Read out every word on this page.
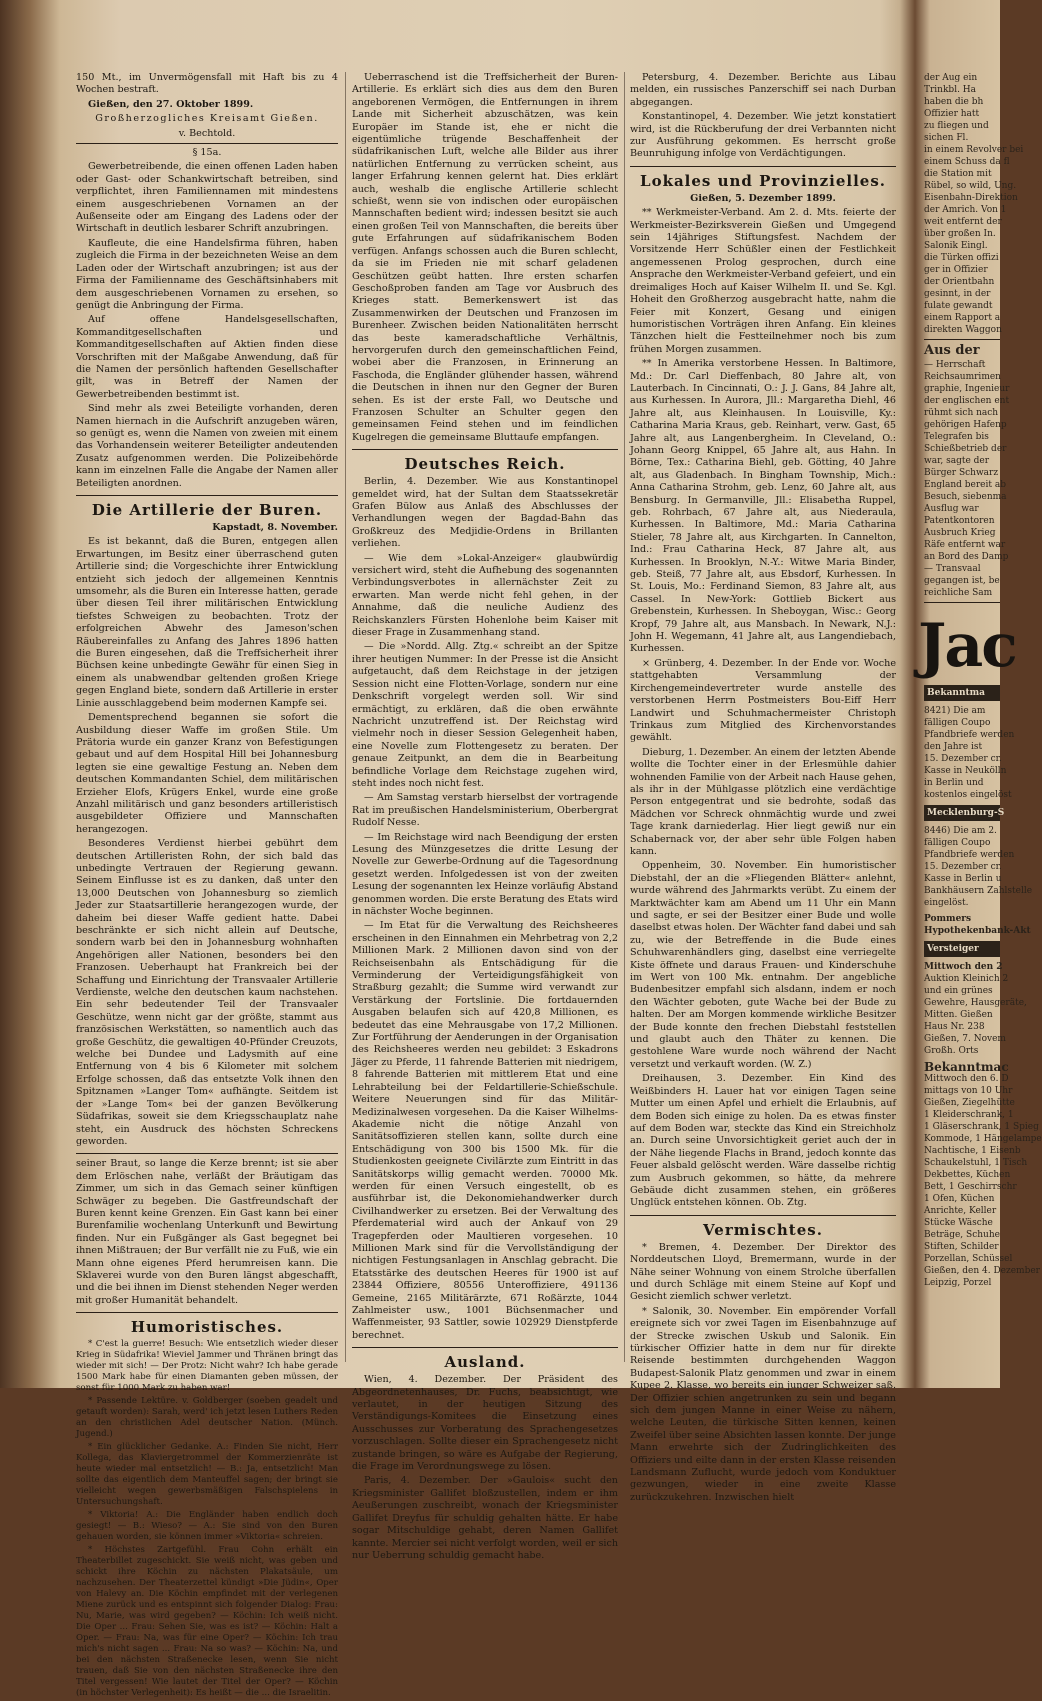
150 Mt., im Unvermögensfall mit Haft bis zu 4 Wochen bestraft.

Gießen, den 27. Oktober 1899.

Großherzogliches Kreisamt Gießen.

v. Bechtold.

§ 15a.

Gewerbetreibende, die einen offenen Laden haben oder Gast- oder Schankwirtschaft betreiben, sind verpflichtet, ihren Familiennamen mit mindestens einem ausgeschriebenen Vornamen an der Außenseite oder am Eingang des Ladens oder der Wirtschaft in deutlich lesbarer Schrift anzubringen.

Kaufleute, die eine Handelsfirma führen, haben zugleich die Firma in der bezeichneten Weise an dem Laden oder der Wirtschaft anzubringen; ist aus der Firma der Familienname des Geschäftsinhabers mit dem ausgeschriebenen Vornamen zu ersehen, so genügt die Anbringung der Firma.

Auf offene Handelsgesellschaften, Kommanditgesellschaften und Kommanditgesellschaften auf Aktien finden diese Vorschriften mit der Maßgabe Anwendung, daß für die Namen der persönlich haftenden Gesellschafter gilt, was in Betreff der Namen der Gewerbetreibenden bestimmt ist.

Sind mehr als zwei Beteiligte vorhanden, deren Namen hiernach in die Aufschrift anzugeben wären, so genügt es, wenn die Namen von zweien mit einem das Vorhandensein weiterer Beteiligter andeutenden Zusatz aufgenommen werden. Die Polizeibehörde kann im einzelnen Falle die Angabe der Namen aller Beteiligten anordnen.

Die Artillerie der Buren.

Kapstadt, 8. November.

Es ist bekannt, daß die Buren, entgegen allen Erwartungen, im Besitz einer überraschend guten Artillerie sind; die Vorgeschichte ihrer Entwicklung entzieht sich jedoch der allgemeinen Kenntnis umsomehr, als die Buren ein Interesse hatten, gerade über diesen Teil ihrer militärischen Entwicklung tiefstes Schweigen zu beobachten. Trotz der erfolgreichen Abwehr des Jameson'schen Räubereinfalles zu Anfang des Jahres 1896 hatten die Buren eingesehen, daß die Treffsicherheit ihrer Büchsen keine unbedingte Gewähr für einen Sieg in einem als unabwendbar geltenden großen Kriege gegen England biete, sondern daß Artillerie in erster Linie ausschlaggebend beim modernen Kampfe sei.

Dementsprechend begannen sie sofort die Ausbildung dieser Waffe im großen Stile. Um Prätoria wurde ein ganzer Kranz von Befestigungen gebaut und auf dem Hospital Hill bei Johannesburg legten sie eine gewaltige Festung an. Neben dem deutschen Kommandanten Schiel, dem militärischen Erzieher Elofs, Krügers Enkel, wurde eine große Anzahl militärisch und ganz besonders artilleristisch ausgebildeter Offiziere und Mannschaften herangezogen.

Besonderes Verdienst hierbei gebührt dem deutschen Artilleristen Rohn, der sich bald das unbedingte Vertrauen der Regierung gewann. Seinem Einflusse ist es zu danken, daß unter den 13,000 Deutschen von Johannesburg so ziemlich Jeder zur Staatsartillerie herangezogen wurde, der daheim bei dieser Waffe gedient hatte. Dabei beschränkte er sich nicht allein auf Deutsche, sondern warb bei den in Johannesburg wohnhaften Angehörigen aller Nationen, besonders bei den Franzosen. Ueberhaupt hat Frankreich bei der Schaffung und Einrichtung der Transvaaler Artillerie Verdienste, welche den deutschen kaum nachstehen. Ein sehr bedeutender Teil der Transvaaler Geschütze, wenn nicht gar der größte, stammt aus französischen Werkstätten, so namentlich auch das große Geschütz, die gewaltigen 40-Pfünder Creuzots, welche bei Dundee und Ladysmith auf eine Entfernung von 4 bis 6 Kilometer mit solchem Erfolge schossen, daß das entsetzte Volk ihnen den Spitznamen »Langer Tom« aufhängte. Seitdem ist der »Lange Tom« bei der ganzen Bevölkerung Südafrikas, soweit sie dem Kriegsschauplatz nahe steht, ein Ausdruck des höchsten Schreckens geworden.

seiner Braut, so lange die Kerze brennt; ist sie aber dem Erlöschen nahe, verläßt der Bräutigam das Zimmer, um sich in das Gemach seiner künftigen Schwäger zu begeben. Die Gastfreundschaft der Buren kennt keine Grenzen. Ein Gast kann bei einer Burenfamilie wochenlang Unterkunft und Bewirtung finden. Nur ein Fußgänger als Gast begegnet bei ihnen Mißtrauen; der Bur verfällt nie zu Fuß, wie ein Mann ohne eigenes Pferd herumreisen kann. Die Sklaverei wurde von den Buren längst abgeschafft, und die bei ihnen im Dienst stehenden Neger werden mit großer Humanität behandelt.

Humoristisches.

* C'est la guerre! Besuch: Wie entsetzlich wieder dieser Krieg in Südafrika! Wieviel Jammer und Thränen bringt das wieder mit sich! — Der Protz: Nicht wahr? Ich habe gerade 1500 Mark habe für einen Diamanten geben müssen, der sonst für 1000 Mark zu haben war!

* Passende Lektüre. v. Goldberger (soeben geadelt und getauft worden): Sarah, werd' ich jetzt lesen Luthers Reden an den christlichen Adel deutscher Nation. (Münch. Jugend.)

* Ein glücklicher Gedanke. A.: Finden Sie nicht, Herr Kollega, das Klaviergetrommel der Kommerzienräte ist heute wieder mal entsetzlich! — B.: Ja, entsetzlich! Man sollte das eigentlich dem Manteuffel sagen; der bringt sie vielleicht wegen gewerbsmäßigen Falschspielens in Untersuchungshaft.

* Viktoria! A.: Die Engländer haben endlich doch gesiegt! — B.: Wieso? — A.: Sie sind von den Buren gehauen worden, sie können immer »Viktoria« schreien.

* Höchstes Zartgefühl. Frau Cohn erhält ein Theaterbillet zugeschickt. Sie weiß nicht, was geben und schickt ihre Köchin zu nächsten Plakatsäule, um nachzusehen. Der Theaterzettel kündigt »Die Jüdin«, Oper von Halevy an. Die Köchin empfindet mit der verlegenen Miene zurück und es entspinnt sich folgender Dialog: Frau: Nu, Marie, was wird gegeben? — Köchin: Ich weiß nicht. Die Oper ... Frau: Sehen Sie, was es ist? — Köchin: Halt a Oper. — Frau: Na, was für eine Oper? — Köchin: Ich trau mich's nicht sagen ... Frau: Na so was? — Köchin: Na, und bei den nächsten Straßenecke lesen, wenn Sie nicht trauen, daß Sie von den nächsten Straßenecke ihre den Titel vergessen! Wie lautet der Titel der Oper? — Köchin (in höchster Verlegenheit): Es heißt — die ... die Israelitin.

Ueberraschend ist die Treffsicherheit der Buren-Artillerie. Es erklärt sich dies aus dem den Buren angeborenen Vermögen, die Entfernungen in ihrem Lande mit Sicherheit abzuschätzen, was kein Europäer im Stande ist, ehe er nicht die eigentümliche trügende Beschaffenheit der südafrikanischen Luft, welche alle Bilder aus ihrer natürlichen Entfernung zu verrücken scheint, aus langer Erfahrung kennen gelernt hat. Dies erklärt auch, weshalb die englische Artillerie schlecht schießt, wenn sie von indischen oder europäischen Mannschaften bedient wird; indessen besitzt sie auch einen großen Teil von Mannschaften, die bereits über gute Erfahrungen auf südafrikanischem Boden verfügen. Anfangs schossen auch die Buren schlecht, da sie im Frieden nie mit scharf geladenen Geschützen geübt hatten. Ihre ersten scharfen Geschoßproben fanden am Tage vor Ausbruch des Krieges statt. Bemerkenswert ist das Zusammenwirken der Deutschen und Franzosen im Burenheer. Zwischen beiden Nationalitäten herrscht das beste kameradschaftliche Verhältnis, hervorgerufen durch den gemeinschaftlichen Feind, wobei aber die Franzosen, in Erinnerung an Faschoda, die Engländer glühender hassen, während die Deutschen in ihnen nur den Gegner der Buren sehen. Es ist der erste Fall, wo Deutsche und Franzosen Schulter an Schulter gegen den gemeinsamen Feind stehen und im feindlichen Kugelregen die gemeinsame Bluttaufe empfangen.

Deutsches Reich.

Berlin, 4. Dezember. Wie aus Konstantinopel gemeldet wird, hat der Sultan dem Staatssekretär Grafen Bülow aus Anlaß des Abschlusses der Verhandlungen wegen der Bagdad-Bahn das Großkreuz des Medjidie-Ordens in Brillanten verliehen.

— Wie dem »Lokal-Anzeiger« glaubwürdig versichert wird, steht die Aufhebung des sogenannten Verbindungsverbotes in allernächster Zeit zu erwarten. Man werde nicht fehl gehen, in der Annahme, daß die neuliche Audienz des Reichskanzlers Fürsten Hohenlohe beim Kaiser mit dieser Frage in Zusammenhang stand.

— Die »Nordd. Allg. Ztg.« schreibt an der Spitze ihrer heutigen Nummer: In der Presse ist die Ansicht aufgetaucht, daß dem Reichstage in der jetzigen Session nicht eine Flotten-Vorlage, sondern nur eine Denkschrift vorgelegt werden soll. Wir sind ermächtigt, zu erklären, daß die oben erwähnte Nachricht unzutreffend ist. Der Reichstag wird vielmehr noch in dieser Session Gelegenheit haben, eine Novelle zum Flottengesetz zu beraten. Der genaue Zeitpunkt, an dem die in Bearbeitung befindliche Vorlage dem Reichstage zugehen wird, steht indes noch nicht fest.

— Am Samstag verstarb hierselbst der vortragende Rat im preußischen Handelsministerium, Oberbergrat Rudolf Nesse.

— Im Reichstage wird nach Beendigung der ersten Lesung des Münzgesetzes die dritte Lesung der Novelle zur Gewerbe-Ordnung auf die Tagesordnung gesetzt werden. Infolgedessen ist von der zweiten Lesung der sogenannten lex Heinze vorläufig Abstand genommen worden. Die erste Beratung des Etats wird in nächster Woche beginnen.

— Im Etat für die Verwaltung des Reichsheeres erscheinen in den Einnahmen ein Mehrbetrag von 2,2 Millionen Mark. 2 Millionen davon sind von der Reichseisenbahn als Entschädigung für die Verminderung der Verteidigungsfähigkeit von Straßburg gezahlt; die Summe wird verwandt zur Verstärkung der Fortslinie. Die fortdauernden Ausgaben belaufen sich auf 420,8 Millionen, es bedeutet das eine Mehrausgabe von 17,2 Millionen. Zur Fortführung der Aenderungen in der Organisation des Reichsheeres werden neu gebildet: 3 Eskadrons Jäger zu Pferde, 11 fahrende Batterien mit niedrigem, 8 fahrende Batterien mit mittlerem Etat und eine Lehrabteilung bei der Feldartillerie-Schießschule. Weitere Neuerungen sind für das Militär-Medizinalwesen vorgesehen. Da die Kaiser Wilhelms-Akademie nicht die nötige Anzahl von Sanitätsoffizieren stellen kann, sollte durch eine Entschädigung von 300 bis 1500 Mk. für die Studienkosten geeignete Civilärzte zum Eintritt in das Sanitätskorps willig gemacht werden. 70000 Mk. werden für einen Versuch eingestellt, ob es ausführbar ist, die Dekonomiehandwerker durch Civilhandwerker zu ersetzen. Bei der Verwaltung des Pferdematerial wird auch der Ankauf von 29 Tragepferden oder Maultieren vorgesehen. 10 Millionen Mark sind für die Vervollständigung der nichtigen Festungsanlagen in Anschlag gebracht. Die Etatsstärke des deutschen Heeres für 1900 ist auf 23844 Offiziere, 80556 Unteroffiziere, 491136 Gemeine, 2165 Militärärzte, 671 Roßärzte, 1044 Zahlmeister usw., 1001 Büchsenmacher und Waffenmeister, 93 Sattler, sowie 102929 Dienstpferde berechnet.

Ausland.

Wien, 4. Dezember. Der Präsident des Abgeordnetenhauses, Dr. Fuchs, beabsichtigt, wie verlautet, in der heutigen Sitzung des Verständigungs-Komitees die Einsetzung eines Ausschusses zur Vorberatung des Sprachengesetzes vorzuschlagen. Sollte dieser ein Sprachengesetz nicht zustande bringen, so wäre es Aufgabe der Regierung, die Frage im Verordnungswege zu lösen.

Paris, 4. Dezember. Der »Gaulois« sucht den Kriegsminister Gallifet bloßzustellen, indem er ihm Aeußerungen zuschreibt, wonach der Kriegsminister Gallifet Dreyfus für schuldig gehalten hätte. Er habe sogar Mitschuldige gehabt, deren Namen Gallifet kannte. Mercier sei nicht verfolgt worden, weil er sich nur Ueberrung schuldig gemacht habe.

Petersburg, 4. Dezember. Berichte aus Libau melden, ein russisches Panzerschiff sei nach Durban abgegangen.

Konstantinopel, 4. Dezember. Wie jetzt konstatiert wird, ist die Rückberufung der drei Verbannten nicht zur Ausführung gekommen. Es herrscht große Beunruhigung infolge von Verdächtigungen.

Lokales und Provinzielles.

Gießen, 5. Dezember 1899.

** Werkmeister-Verband. Am 2. d. Mts. feierte der Werkmeister-Bezirksverein Gießen und Umgegend sein 14jähriges Stiftungsfest. Nachdem der Vorsitzende Herr Schüßler einen der Festlichkeit angemessenen Prolog gesprochen, durch eine Ansprache den Werkmeister-Verband gefeiert, und ein dreimaliges Hoch auf Kaiser Wilhelm II. und Se. Kgl. Hoheit den Großherzog ausgebracht hatte, nahm die Feier mit Konzert, Gesang und einigen humoristischen Vorträgen ihren Anfang. Ein kleines Tänzchen hielt die Festteilnehmer noch bis zum frühen Morgen zusammen.

** In Amerika verstorbene Hessen. In Baltimore, Md.: Dr. Carl Dieffenbach, 80 Jahre alt, von Lauterbach. In Cincinnati, O.: J. J. Gans, 84 Jahre alt, aus Kurhessen. In Aurora, Jll.: Margaretha Diehl, 46 Jahre alt, aus Kleinhausen. In Louisville, Ky.: Catharina Maria Kraus, geb. Reinhart, verw. Gast, 65 Jahre alt, aus Langenbergheim. In Cleveland, O.: Johann Georg Knippel, 65 Jahre alt, aus Hahn. In Börne, Tex.: Catharina Biehl, geb. Götting, 40 Jahre alt, aus Gladenbach. In Bingham Township, Mich.: Anna Catharina Strohm, geb. Lenz, 60 Jahre alt, aus Bensburg. In Germanville, Jll.: Elisabetha Ruppel, geb. Rohrbach, 67 Jahre alt, aus Niederaula, Kurhessen. In Baltimore, Md.: Maria Catharina Stieler, 78 Jahre alt, aus Kirchgarten. In Cannelton, Ind.: Frau Catharina Heck, 87 Jahre alt, aus Kurhessen. In Brooklyn, N.-Y.: Witwe Maria Binder, geb. Steiß, 77 Jahre alt, aus Ebsdorf, Kurhessen. In St. Louis, Mo.: Ferdinand Siemon, 83 Jahre alt, aus Cassel. In New-York: Gottlieb Bickert aus Grebenstein, Kurhessen. In Sheboygan, Wisc.: Georg Kropf, 79 Jahre alt, aus Mansbach. In Newark, N.J.: John H. Wegemann, 41 Jahre alt, aus Langendiebach, Kurhessen.

× Grünberg, 4. Dezember. In der Ende vor. Woche stattgehabten Versammlung der Kirchengemeindevertreter wurde anstelle des verstorbenen Herrn Postmeisters Bou-Eiff Herr Landwirt und Schuhmachermeister Christoph Trinkaus zum Mitglied des Kirchenvorstandes gewählt.

Dieburg, 1. Dezember. An einem der letzten Abende wollte die Tochter einer in der Erlesmühle dahier wohnenden Familie von der Arbeit nach Hause gehen, als ihr in der Mühlgasse plötzlich eine verdächtige Person entgegentrat und sie bedrohte, sodaß das Mädchen vor Schreck ohnmächtig wurde und zwei Tage krank darniederlag. Hier liegt gewiß nur ein Schabernack vor, der aber sehr üble Folgen haben kann.

Oppenheim, 30. November. Ein humoristischer Diebstahl, der an die »Fliegenden Blätter« anlehnt, wurde während des Jahrmarkts verübt. Zu einem der Marktwächter kam am Abend um 11 Uhr ein Mann und sagte, er sei der Besitzer einer Bude und wolle daselbst etwas holen. Der Wächter fand dabei und sah zu, wie der Betreffende in die Bude eines Schuhwarenhändlers ging, daselbst eine verriegelte Kiste öffnete und daraus Frauen- und Kinderschuhe im Wert von 100 Mk. entnahm. Der angebliche Budenbesitzer empfahl sich alsdann, indem er noch den Wächter geboten, gute Wache bei der Bude zu halten. Der am Morgen kommende wirkliche Besitzer der Bude konnte den frechen Diebstahl feststellen und glaubt auch den Thäter zu kennen. Die gestohlene Ware wurde noch während der Nacht versetzt und verkauft worden. (W. Z.)

Dreihausen, 3. Dezember. Ein Kind des Weißbinders H. Lauer hat vor einigen Tagen seine Mutter um einen Apfel und erhielt die Erlaubnis, auf dem Boden sich einige zu holen. Da es etwas finster auf dem Boden war, steckte das Kind ein Streichholz an. Durch seine Unvorsichtigkeit geriet auch der in der Nähe liegende Flachs in Brand, jedoch konnte das Feuer alsbald gelöscht werden. Wäre dasselbe richtig zum Ausbruch gekommen, so hätte, da mehrere Gebäude dicht zusammen stehen, ein größeres Unglück entstehen können. Ob. Ztg.

Vermischtes.

* Bremen, 4. Dezember. Der Direktor des Norddeutschen Lloyd, Bremermann, wurde in der Nähe seiner Wohnung von einem Strolche überfallen und durch Schläge mit einem Steine auf Kopf und Gesicht ziemlich schwer verletzt.

* Salonik, 30. November. Ein empörender Vorfall ereignete sich vor zwei Tagen im Eisenbahnzuge auf der Strecke zwischen Uskub und Salonik. Ein türkischer Offizier hatte in dem nur für direkte Reisende bestimmten durchgehenden Waggon Budapest-Salonik Platz genommen und zwar in einem Kupee 2. Klasse, wo bereits ein junger Schweizer saß. Der Offizier schien angetrunken zu sein und begann sich dem jungen Manne in einer Weise zu nähern, welche Leuten, die türkische Sitten kennen, keinen Zweifel über seine Absichten lassen konnte. Der junge Mann erwehrte sich der Zudringlichkeiten des Offiziers und eilte dann in der ersten Klasse reisenden Landsmann Zuflucht, wurde jedoch vom Konduktuer gezwungen, wieder in eine zweite Klasse zurückzukehren. Inzwischen hielt

der Aug ein
Trinkbl. Ha
haben die bh
Offizier hatt
zu fliegen und
sichen Fl.
in einem Revolver bei
einem Schuss da fl
die Station mit
Rübel, so wild, Ung.
Eisenbahn-Direktion
der Amrich. Von 1
weit entfernt der
über großen In.
Salonik Eingl.
die Türken offizi
ger in Offizier
der Orientbahn
gesinnt, in der
fulate gewandt
einem Rapport a
direkten Waggon
Aus der
— Herrschaft
Reichsaumrimen
graphie, Ingenieur
der englischen ent
rühmt sich nach
gehörigen Hafenp
Telegrafen bis
Schießbetrieb der
war, sagte der
Bürger Schwarz
England bereit ab
Besuch, siebenma
Ausflug war
Patentkontoren
Ausbruch Krieg
Räfe entfernt war
an Bord des Damp
— Transvaal
gegangen ist, be
reichliche Sam
Jac
Bekanntma
8421) Die am
fälligen Coupo
Pfandbriefe werden
den Jahre ist
15. Dezember cr.
Kasse in Neukölln
in Berlin und
kostenlos eingelöst
Mecklenburg-S
8446) Die am 2.
fälligen Coupo
Pfandbriefe werden
15. Dezember cr.
Kasse in Berlin u
Bankhäusern Zahlstelle
eingelöst.
Pommers
Hypothekenbank-Akt
Versteiger
Mittwoch den 2
Auktion Kleinich 2
und ein grünes
Gewehre, Hausgeräte,
Mitten. Gießen
Haus Nr. 238
Gießen, 7. Novem
Großh. Orts
Bekanntmac
Mittwoch den 6. D
mittags von 10 Uhr
Gießen, Ziegelhütte
1 Kleiderschrank, 1
1 Gläserschrank, 1 Spieg
Kommode, 1 Hängelampe
Nachtische, 1 Eisenb
Schaukelstuhl, 1 Tisch
Dekbettes, Küchen
Bett, 1 Geschirrschr
1 Ofen, Küchen
Anrichte, Keller
Stücke Wäsche
Beträge, Schuhe
Stiften, Schilder
Porzellan, Schüssel
Gießen, den 4. Dezember
Leipzig, Porzel
